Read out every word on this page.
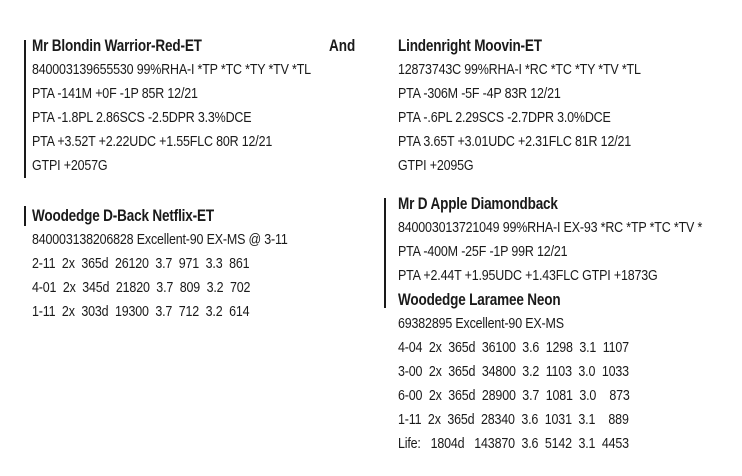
Mr Blondin Warrior-Red-ET	And
840003139655530 99%RHA-I *TP *TC *TY *TV *TL
PTA -141M +0F -1P 85R 12/21
PTA -1.8PL 2.86SCS -2.5DPR 3.3%DCE
PTA +3.52T +2.22UDC +1.55FLC 80R 12/21
GTPI +2057G
Woodedge D-Back Netflix-ET
840003138206828 Excellent-90 EX-MS @ 3-11
2-11  2x  365d  26120  3.7  971  3.3  861
4-01  2x  345d  21820  3.7  809  3.2  702
1-11  2x  303d  19300  3.7  712  3.2  614
Lindenright Moovin-ET
12873743C 99%RHA-I *RC *TC *TY *TV *TL
PTA -306M -5F -4P 83R 12/21
PTA -.6PL 2.29SCS -2.7DPR 3.0%DCE
PTA 3.65T +3.01UDC +2.31FLC 81R 12/21
GTPI +2095G
Mr D Apple Diamondback
840003013721049 99%RHA-I EX-93 *RC *TP *TC *TV *
PTA -400M -25F -1P 99R 12/21
PTA +2.44T +1.95UDC +1.43FLC GTPI +1873G
Woodedge Laramee Neon
69382895 Excellent-90 EX-MS
4-04  2x  365d  36100  3.6  1298  3.1  1107
3-00  2x  365d  34800  3.2  1103  3.0  1033
6-00  2x  365d  28900  3.7  1081  3.0    873
1-11  2x  365d  28340  3.6  1031  3.1    889
Life:   1804d   143870  3.6  5142  3.1  4453
